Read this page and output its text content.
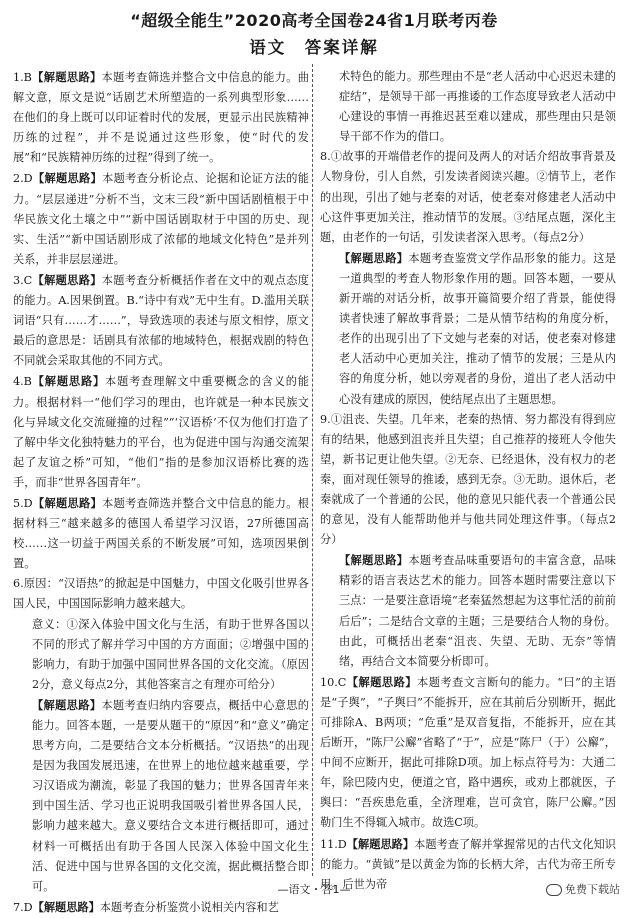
“超级全能生”2020高考全国卷24省1月联考丙卷
语文　答案详解

1.B【解题思路】本题考查筛选并整合文中信息的能力。曲解文意，原文是说“话剧艺术所塑造的一系列典型形象……在他们的身上既可以印证着时代的发展，更显示出民族精神历练的过程”，并不是说通过这些形象，使“时代的发展”和“民族精神历练的过程”得到了统一。

2.D【解题思路】本题考查分析论点、论据和论证方法的能力。“层层递进”分析不当，文末三段“新中国话剧植根于中华民族文化土壤之中”“新中国话剧取材于中国的历史、现实、生活”“新中国话剧形成了浓郁的地域文化特色”是并列关系，并非层层递进。

3.C【解题思路】本题考查分析概括作者在文中的观点态度的能力。A.因果倒置。B.“诗中有戏”无中生有。D.滥用关联词语“只有……才……”，导致选项的表述与原文相悖，原文最后的意思是：话剧具有浓郁的地域特色，根据戏剧的特色不同就会采取其他的不同方式。

4.B【解题思路】本题考查理解文中重要概念的含义的能力。根据材料一“他们学习的理由，也许就是一种本民族文化与异域文化交流碰撞的过程”“‘汉语桥’不仅为他们打造了了解中华文化独特魅力的平台，也为促进中国与沟通交流架起了友谊之桥”可知，“他们”指的是参加汉语桥比赛的选手，而非“世界各国青年”。

5.D【解题思路】本题考查筛选并整合文中信息的能力。根据材料三“越来越多的德国人希望学习汉语，27所德国高校……这一切益于两国关系的不断发展”可知，选项因果倒置。

6.原因：“汉语热”的掀起是中国魅力，中国文化吸引世界各国人民，中国国际影响力越来越大。

意义：①深入体验中国文化与生活，有助于世界各国以不同的形式了解并学习中国的方方面面；②增强中国的影响力，有助于加强中国同世界各国的文化交流。（原因2分，意义每点2分，其他答案言之有理亦可给分）

【解题思路】本题考查归纳内容要点，概括中心意思的能力。回答本题，一是要从题干的“原因”和“意义”确定思考方向，二是要结合文本分析概括。“汉语热”的出现是因为我国发展迅速，在世界上的地位越来越重要，学习汉语成为潮流，彰显了我国的魅力；世界各国青年来到中国生活、学习也正说明我国吸引着世界各国人民，影响力越来越大。意义要结合文本进行概括即可，通过材料一可概括出有助于各国人民深入体验中国文化生活、促进中国与世界各国的文化交流，据此概括整合即可。

7.D【解题思路】本题考查分析鉴赏小说相关内容和艺

术特色的能力。那些理由不是“老人活动中心迟迟未建的症结”，是领导干部一再推诿的工作态度导致老人活动中心建设的事情一再推迟甚至难以建成，那些理由只是领导干部不作为的借口。

8.①故事的开端借老作的提问及两人的对话介绍故事背景及人物身份，引人自然，引发读者阅读兴趣。②情节上，老作的出现，引出了她与老秦的对话，使老秦对修建老人活动中心这件事更加关注，推动情节的发展。③结尾点题，深化主题，由老作的一句话，引发读者深入思考。（每点2分）

【解题思路】本题考查鉴赏文学作品形象的能力。这是一道典型的考查人物形象作用的题。回答本题，一要从新开端的对话分析，故事开篇简要介绍了背景，能使得读者快速了解故事背景；二是从情节结构的角度分析，老作的出现引出了下文她与老秦的对话，使老秦对修建老人活动中心更加关注，推动了情节的发展；三是从内容的角度分析，她以旁观者的身份，道出了老人活动中心没有建成的原因，使结尾点出了主题思想。

9.①沮丧、失望。几年来，老秦的热情、努力都没有得到应有的结果，他感到沮丧并且失望；自己推荐的接班人令他失望，新书记更让他失望。②无奈、已经退休，没有权力的老秦，面对现任领导的推诿，感到无奈。③无助。退休后，老秦就成了一个普通的公民，他的意见只能代表一个普通公民的意见，没有人能帮助他并与他共同处理这件事。（每点2分）

【解题思路】本题考查品味重要语句的丰富含意，品味精彩的语言表达艺术的能力。回答本题时需要注意以下三点：一是要注意语境“老秦猛然想起为这事忙活的前前后后”；二是结合文章的主题；三是要结合人物的身份。由此，可概括出老秦“沮丧、失望、无助、无奈”等情绪，再结合文本简要分析即可。

10.C【解题思路】本题考查文言断句的能力。“曰”的主语是“子舆”，“子舆曰”不能拆开，应在其前后分别断开，据此可排除A、B两项；“危重”是双音复指，不能拆开，应在其后断开，“陈尸公廨”省略了“于”，应是“陈尸（于）公廨”，中间不应断开，据此可排除D项。加上标点符号为：大通二年，除巴陵内史，便道之官，路中遇疾，或劝上郡就医，子舆曰：“吾疾患危重，全济理难，岂可贪官，陈尸公廨。”因勒门生不得辄入城市。故选C项。

11.D【解题思路】本题考查了解并掌握常见的古代文化知识的能力。“黄钺”是以黄金为饰的长柄大斧，古代为帝王所专用。后世为帝

—语文・答1—	免费下载站
